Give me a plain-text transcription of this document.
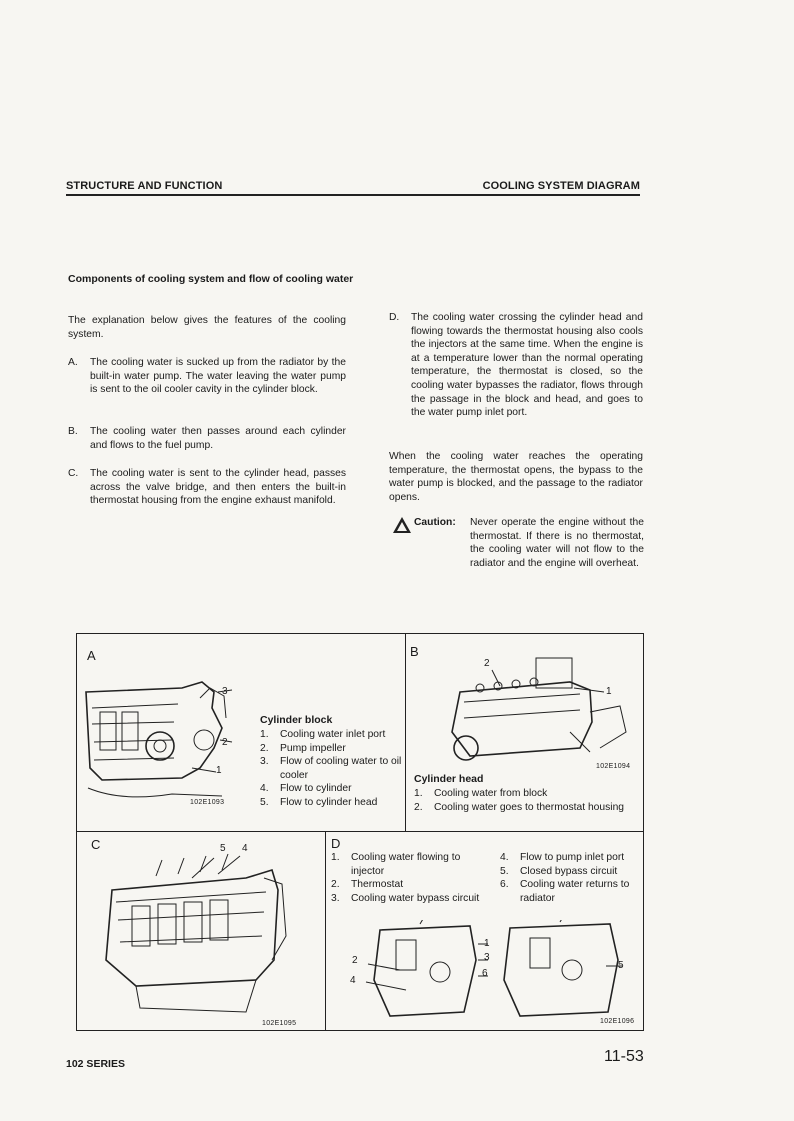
STRUCTURE AND FUNCTION	COOLING SYSTEM DIAGRAM
Components of cooling system and flow of cooling water
The explanation below gives the features of the cooling system.
A.	The cooling water is sucked up from the radiator by the built-in water pump. The water leaving the water pump is sent to the oil cooler cavity in the cylinder block.
B.	The cooling water then passes around each cylinder and flows to the fuel pump.
C.	The cooling water is sent to the cylinder head, passes across the valve bridge, and then enters the built-in thermostat housing from the engine exhaust manifold.
D.	The cooling water crossing the cylinder head and flowing towards the thermostat housing also cools the injectors at the same time. When the engine is at a temperature lower than the normal operating temperature, the thermostat is closed, so the cooling water bypasses the radiator, flows through the passage in the block and head, and goes to the water pump inlet port.
When the cooling water reaches the operating temperature, the thermostat opens, the bypass to the water pump is blocked, and the passage to the radiator opens.
Caution:	Never operate the engine without the thermostat. If there is no thermostat, the cooling water will not flow to the radiator and the engine will overheat.
A
3
2
1
102E1093
Cylinder block
1.	Cooling water inlet port
2.	Pump impeller
3.	Flow of cooling water to oil cooler
4.	Flow to cylinder
5.	Flow to cylinder head
B
2
1
102E1094
Cylinder head
1.	Cooling water from block
2.	Cooling water goes to thermostat housing
C	5 4
102E1095
D
1.	Cooling water flowing to injector
2.	Thermostat
3.	Cooling water bypass circuit
4.	Flow to pump inlet port
5.	Closed bypass circuit
6.	Cooling water returns to radiator
1
2	3
4
5
6
102E1096
102 SERIES	11-53
